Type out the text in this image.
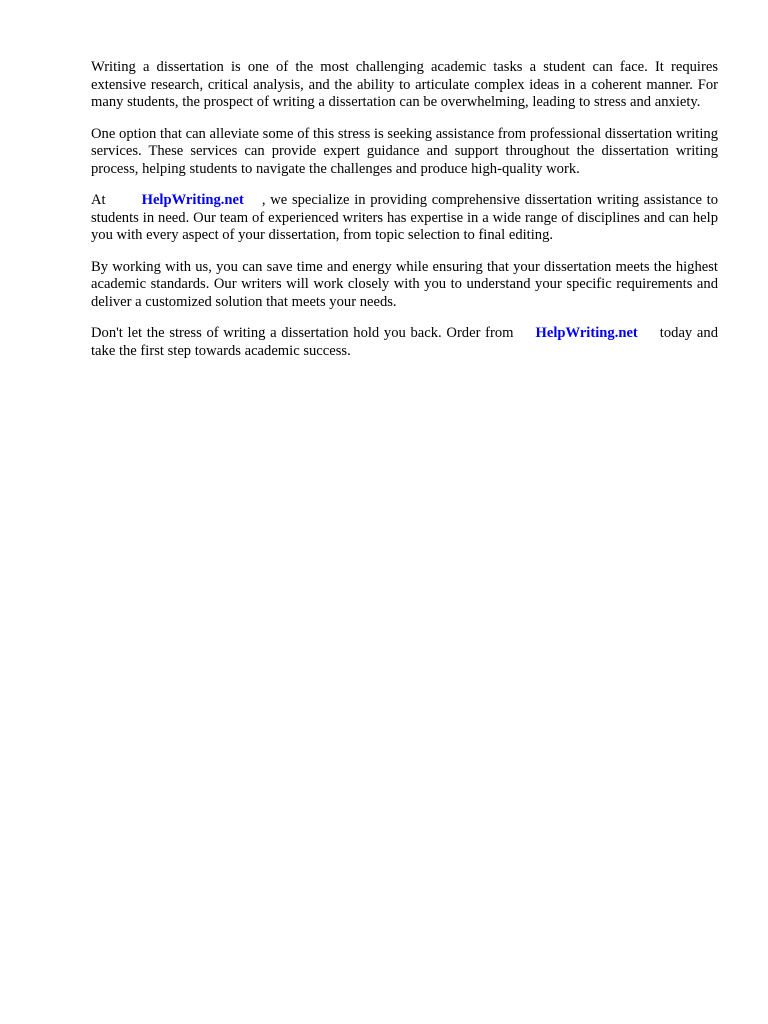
Writing a dissertation is one of the most challenging academic tasks a student can face. It requires extensive research, critical analysis, and the ability to articulate complex ideas in a coherent manner. For many students, the prospect of writing a dissertation can be overwhelming, leading to stress and anxiety.

One option that can alleviate some of this stress is seeking assistance from professional dissertation writing services. These services can provide expert guidance and support throughout the dissertation writing process, helping students to navigate the challenges and produce high-quality work.

At HelpWriting.net , we specialize in providing comprehensive dissertation writing assistance to students in need. Our team of experienced writers has expertise in a wide range of disciplines and can help you with every aspect of your dissertation, from topic selection to final editing.

By working with us, you can save time and energy while ensuring that your dissertation meets the highest academic standards. Our writers will work closely with you to understand your specific requirements and deliver a customized solution that meets your needs.

Don't let the stress of writing a dissertation hold you back. Order from HelpWriting.net today and take the first step towards academic success.
